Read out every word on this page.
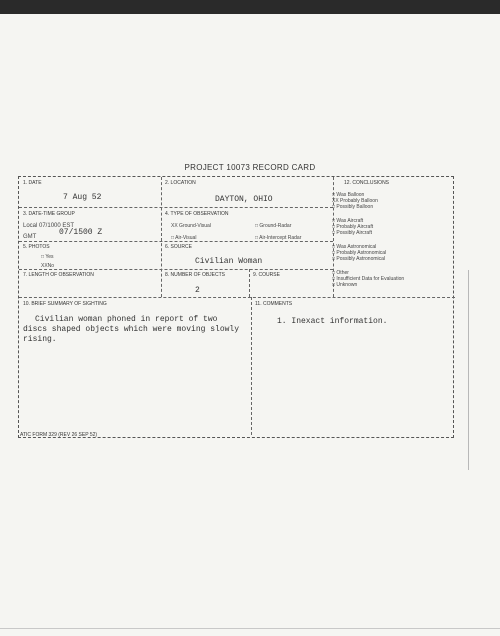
PROJECT 10073 RECORD CARD
1. DATE
7 Aug 52
2. LOCATION
DAYTON, OHIO
3. DATE-TIME GROUP
Local 07/1000 EST
GMT	07/1500 Z
4. TYPE OF OBSERVATION
XX Ground-Visual	□ Ground-Radar
□ Air-Visual	□ Air-Intercept Radar
5. PHOTOS
□ Yes
XXNo
6. SOURCE
Civilian Woman
7. LENGTH OF OBSERVATION	8. NUMBER OF OBJECTS
2
9. COURSE
10. BRIEF SUMMARY OF SIGHTING
Civilian woman phoned in report of two
discs shaped objects which were moving slowly
rising.
11. COMMENTS
1. Inexact information.
12. CONCLUSIONS
□ Was Balloon
XX Probably Balloon
□ Possibly Balloon
□ Was Aircraft
□ Probably Aircraft
□ Possibly Aircraft
□ Was Astronomical
□ Probably Astronomical
□ Possibly Astronomical
□ Other
□ Insufficient Data for Evaluation
□ Unknown
ATIC FORM 329 (REV 26 SEP 52)
